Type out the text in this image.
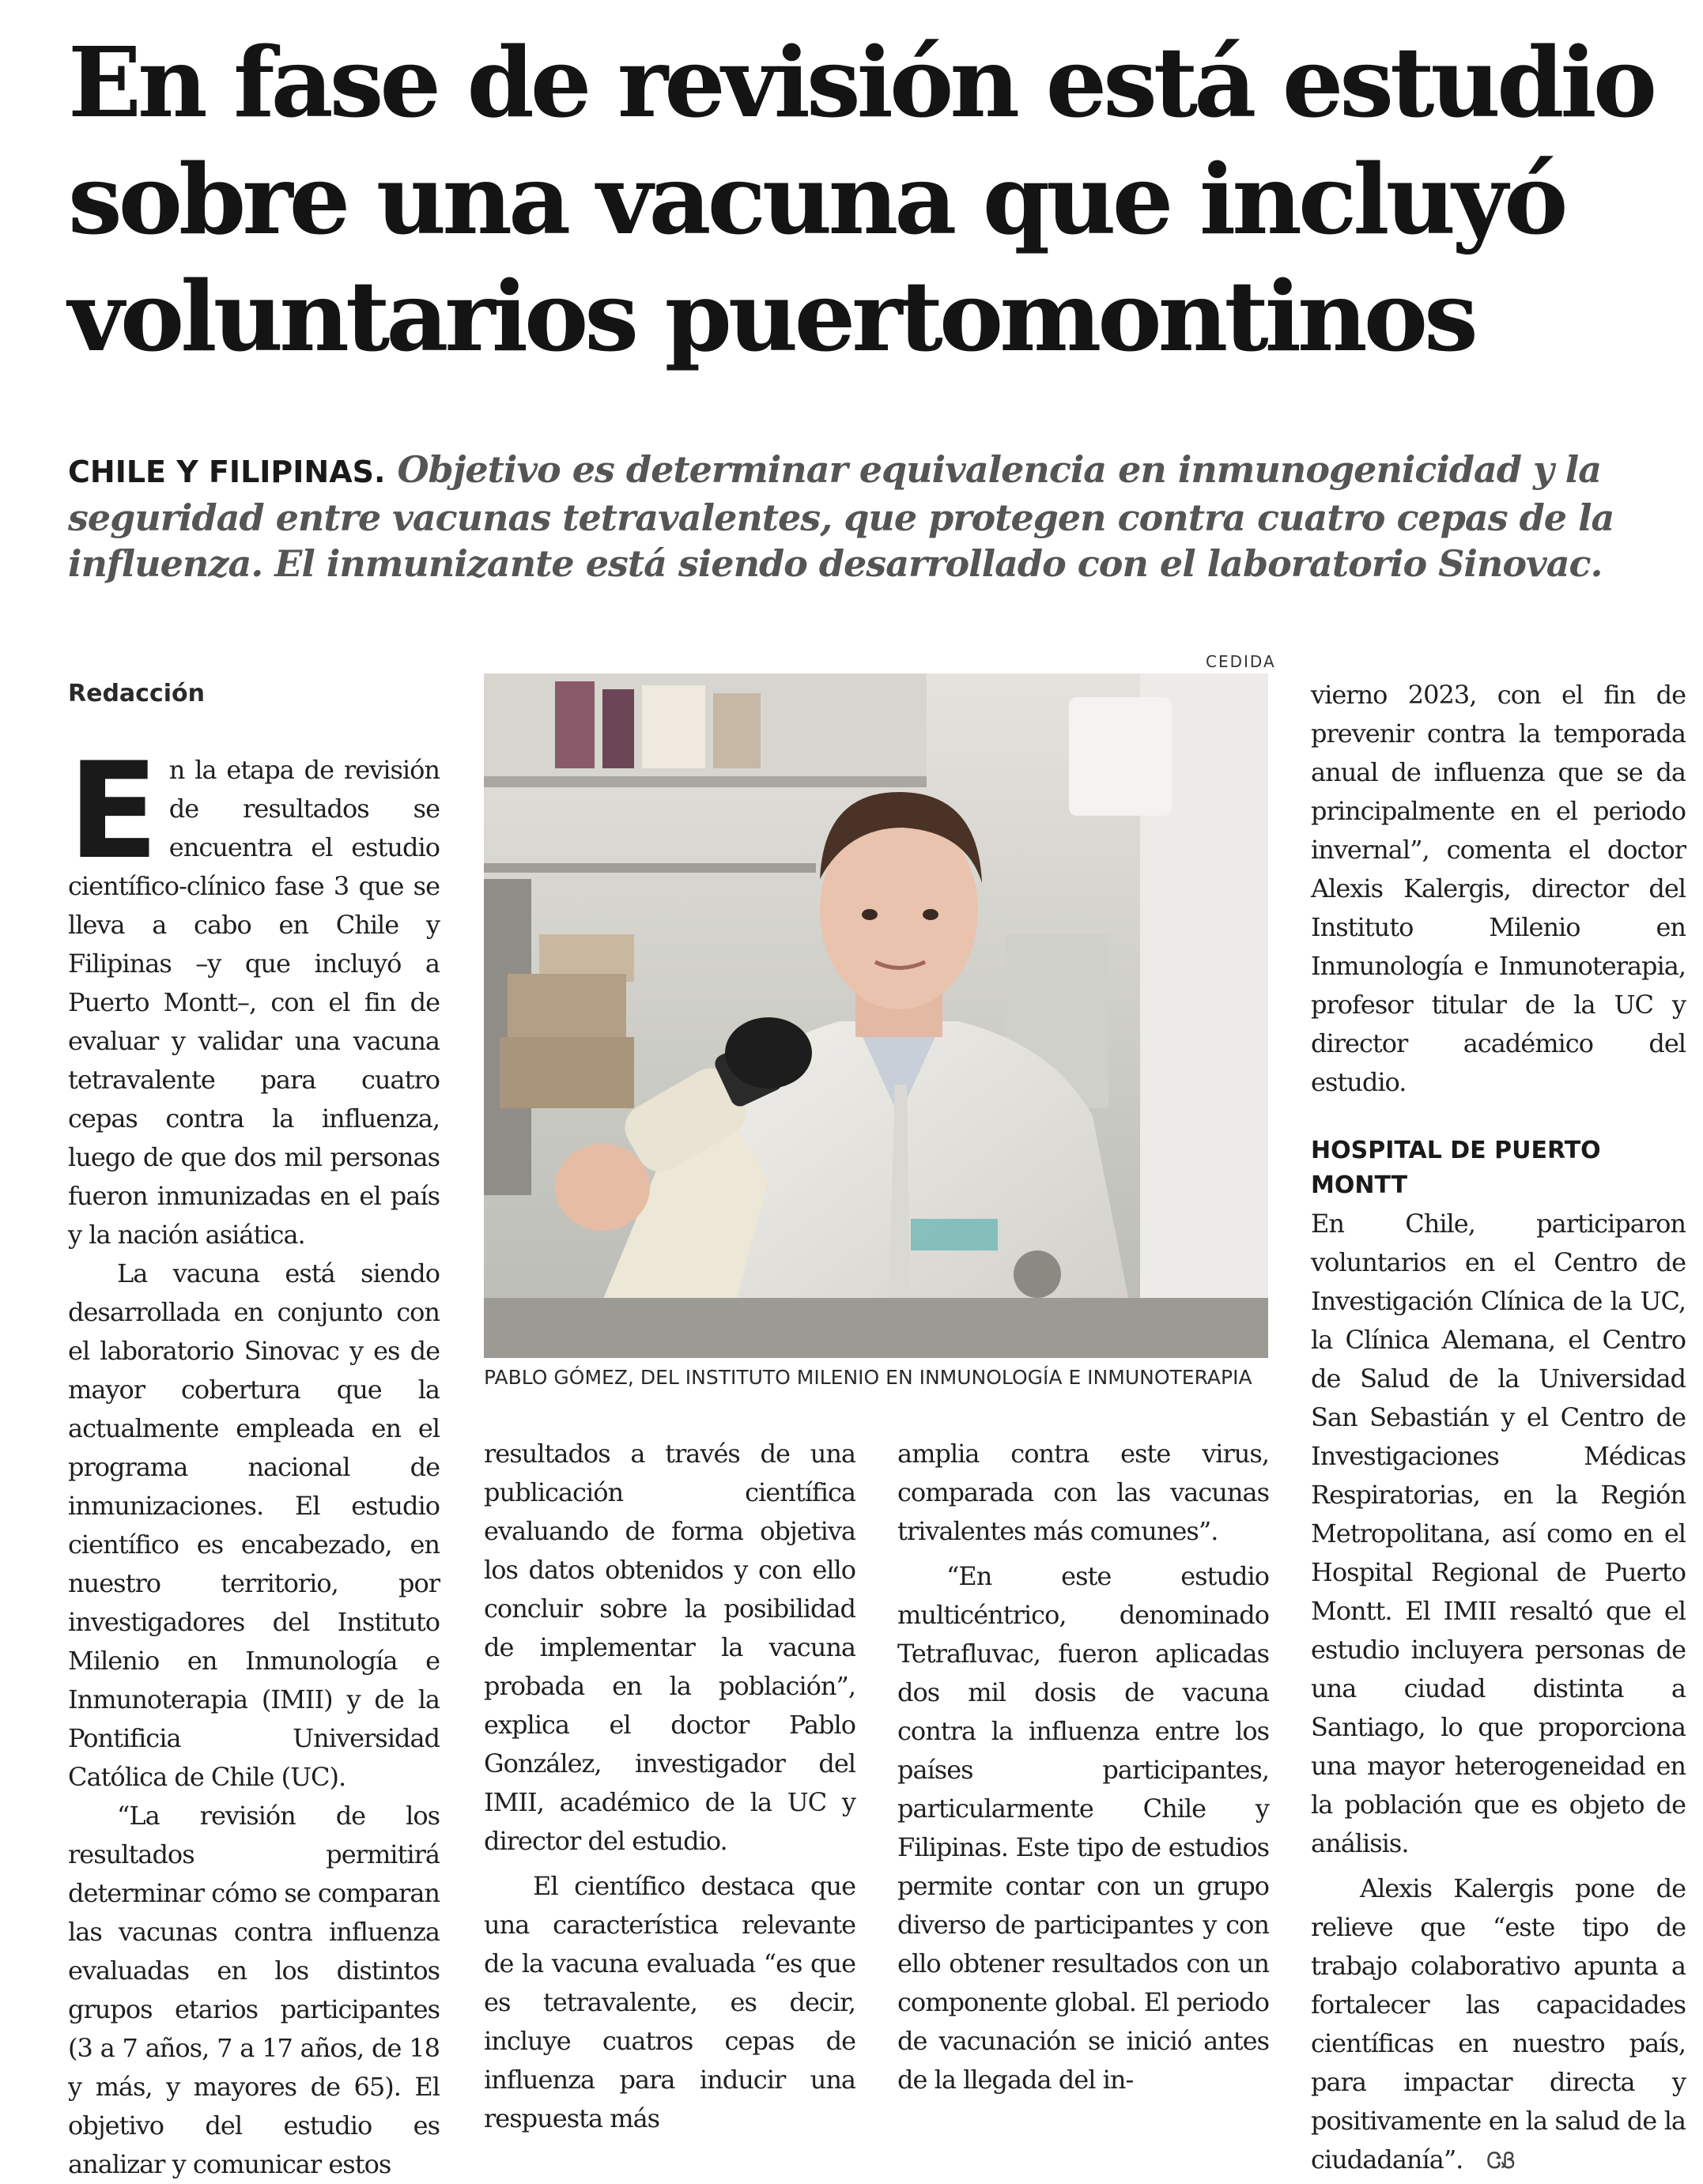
En fase de revisión está estudio
sobre una vacuna que incluyó
voluntarios puertomontinos

CHILE Y FILIPINAS. Objetivo es determinar equivalencia en inmunogenicidad y la seguridad entre vacunas tetravalentes, que protegen contra cuatro cepas de la influenza. El inmunizante está siendo desarrollado con el laboratorio Sinovac.

Redacción

En la etapa de revisión de resultados se encuentra el estudio científico-clínico fase 3 que se lleva a cabo en Chile y Filipinas –y que incluyó a Puerto Montt–, con el fin de evaluar y validar una vacuna tetravalente para cuatro cepas contra la influenza, luego de que dos mil personas fueron inmunizadas en el país y la nación asiática.

La vacuna está siendo desarrollada en conjunto con el laboratorio Sinovac y es de mayor cobertura que la actualmente empleada en el programa nacional de inmunizaciones. El estudio científico es encabezado, en nuestro territorio, por investigadores del Instituto Milenio en Inmunología e Inmunoterapia (IMII) y de la Pontificia Universidad Católica de Chile (UC).

“La revisión de los resultados permitirá determinar cómo se comparan las vacunas contra influenza evaluadas en los distintos grupos etarios participantes (3 a 7 años, 7 a 17 años, de 18 y más, y mayores de 65). El objetivo del estudio es analizar y comunicar estos

CEDIDA
PABLO GÓMEZ, DEL INSTITUTO MILENIO EN INMUNOLOGÍA E INMUNOTERAPIA

resultados a través de una publicación científica evaluando de forma objetiva los datos obtenidos y con ello concluir sobre la posibilidad de implementar la vacuna probada en la población”, explica el doctor Pablo González, investigador del IMII, académico de la UC y director del estudio.

El científico destaca que una característica relevante de la vacuna evaluada “es que es tetravalente, es decir, incluye cuatros cepas de influenza para inducir una respuesta más

amplia contra este virus, comparada con las vacunas trivalentes más comunes”.

“En este estudio multicéntrico, denominado Tetrafluvac, fueron aplicadas dos mil dosis de vacuna contra la influenza entre los países participantes, particularmente Chile y Filipinas. Este tipo de estudios permite contar con un grupo diverso de participantes y con ello obtener resultados con un componente global. El periodo de vacunación se inició antes de la llegada del in-

vierno 2023, con el fin de prevenir contra la temporada anual de influenza que se da principalmente en el periodo invernal”, comenta el doctor Alexis Kalergis, director del Instituto Milenio en Inmunología e Inmunoterapia, profesor titular de la UC y director académico del estudio.

HOSPITAL DE PUERTO MONTT

En Chile, participaron voluntarios en el Centro de Investigación Clínica de la UC, la Clínica Alemana, el Centro de Salud de la Universidad San Sebastián y el Centro de Investigaciones Médicas Respiratorias, en la Región Metropolitana, así como en el Hospital Regional de Puerto Montt. El IMII resaltó que el estudio incluyera personas de una ciudad distinta a Santiago, lo que proporciona una mayor heterogeneidad en la población que es objeto de análisis.

Alexis Kalergis pone de relieve que “este tipo de trabajo colaborativo apunta a fortalecer las capacidades científicas en nuestro país, para impactar directa y positivamente en la salud de la ciudadanía”. ᏣᏰ
